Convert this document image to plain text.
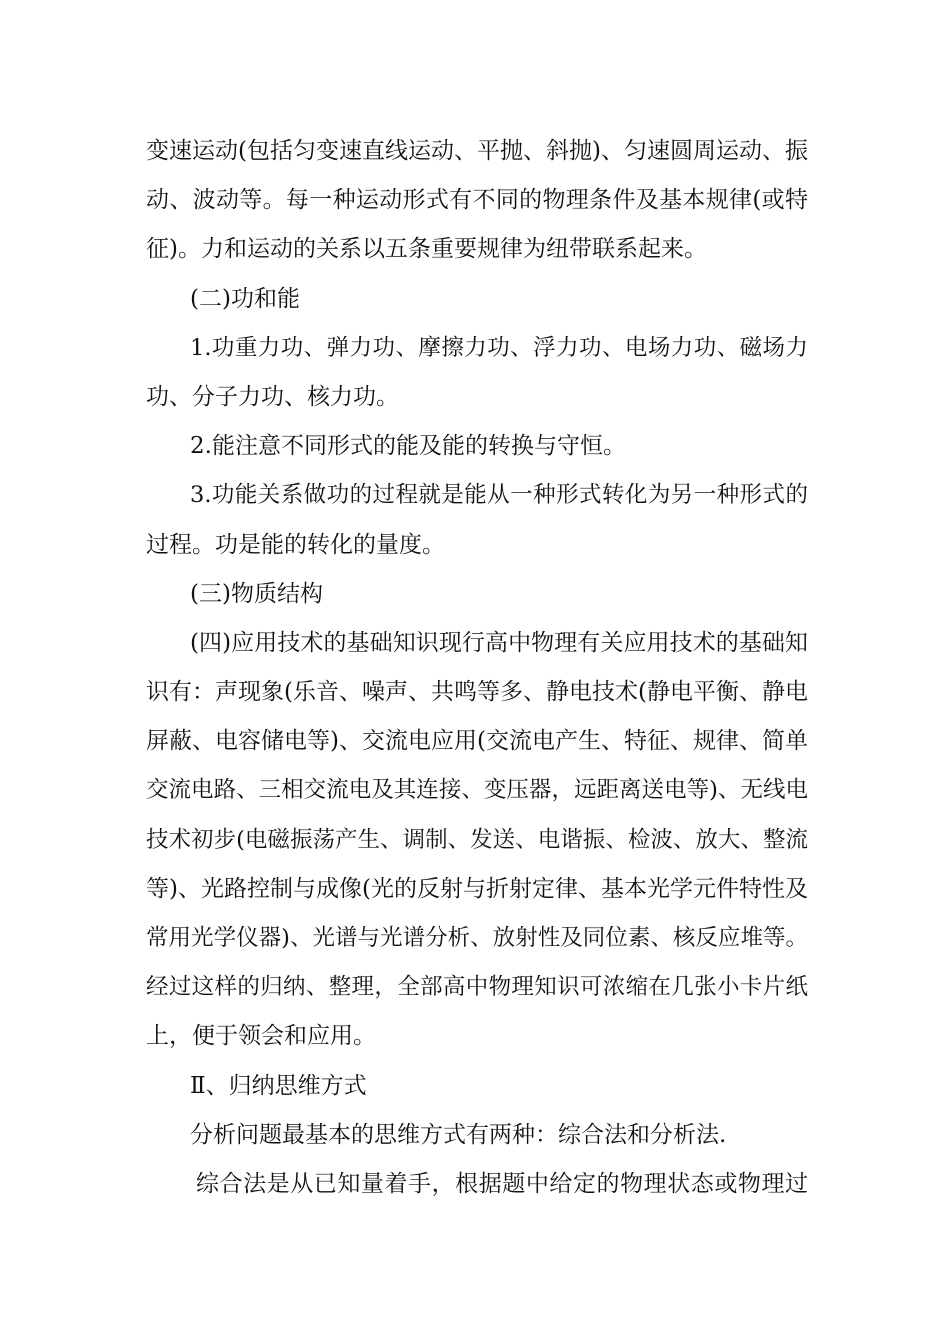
变速运动(包括匀变速直线运动、平抛、斜抛)、匀速圆周运动、振
动、波动等。每一种运动形式有不同的物理条件及基本规律(或特
征)。力和运动的关系以五条重要规律为纽带联系起来。
(二)功和能
1.功重力功、弹力功、摩擦力功、浮力功、电场力功、磁场力
功、分子力功、核力功。
2.能注意不同形式的能及能的转换与守恒。
3.功能关系做功的过程就是能从一种形式转化为另一种形式的
过程。功是能的转化的量度。
(三)物质结构
(四)应用技术的基础知识现行高中物理有关应用技术的基础知
识有：声现象(乐音、噪声、共鸣等多、静电技术(静电平衡、静电
屏蔽、电容储电等)、交流电应用(交流电产生、特征、规律、简单
交流电路、三相交流电及其连接、变压器，远距离送电等)、无线电
技术初步(电磁振荡产生、调制、发送、电谐振、检波、放大、整流
等)、光路控制与成像(光的反射与折射定律、基本光学元件特性及
常用光学仪器)、光谱与光谱分析、放射性及同位素、核反应堆等。
经过这样的归纳、整理，全部高中物理知识可浓缩在几张小卡片纸
上，便于领会和应用。
Ⅱ、归纳思维方式
分析问题最基本的思维方式有两种：综合法和分析法.
综合法是从已知量着手，根据题中给定的物理状态或物理过
